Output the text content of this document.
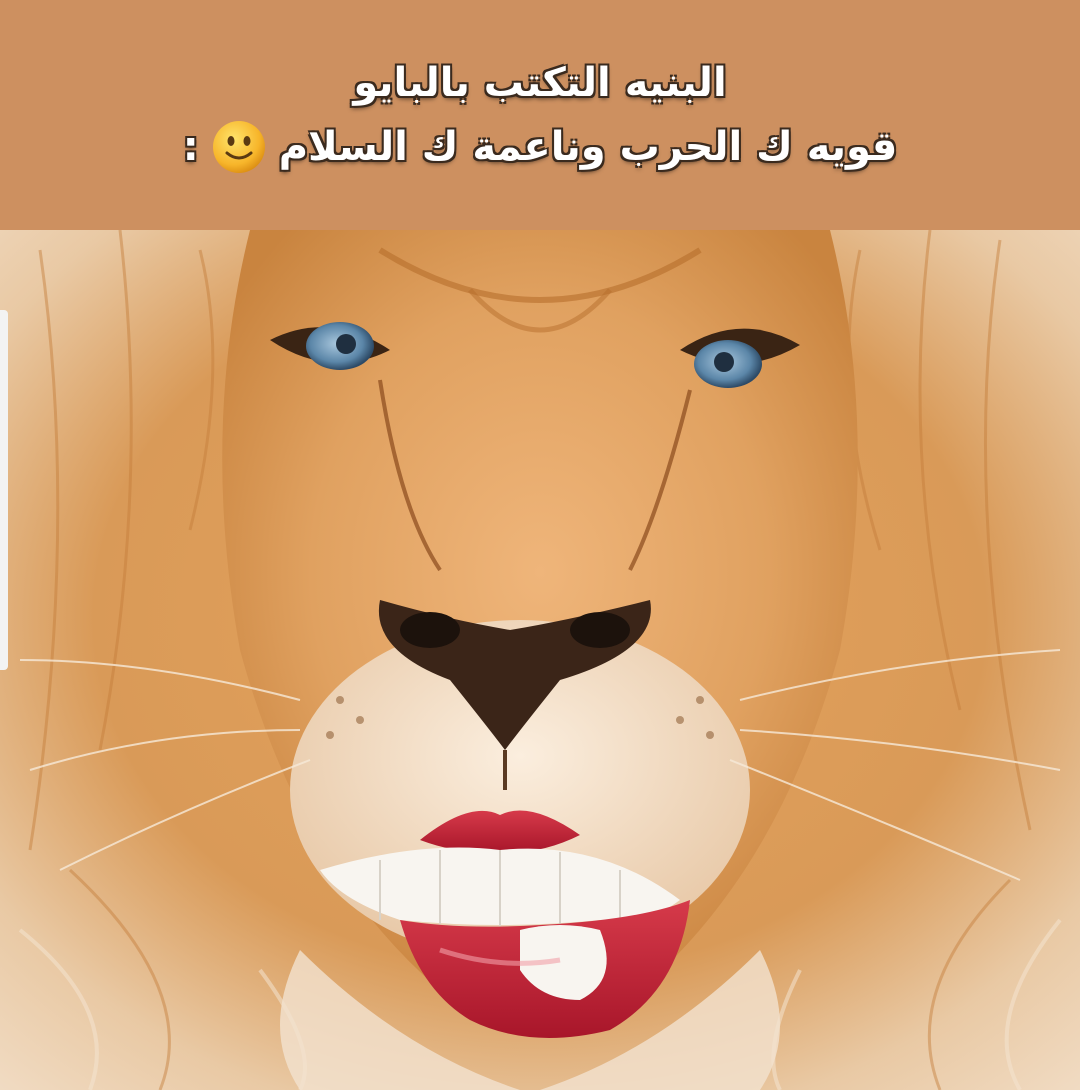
البنيه التكتب بالبايو
قويه ك الحرب وناعمة ك السلام
:
